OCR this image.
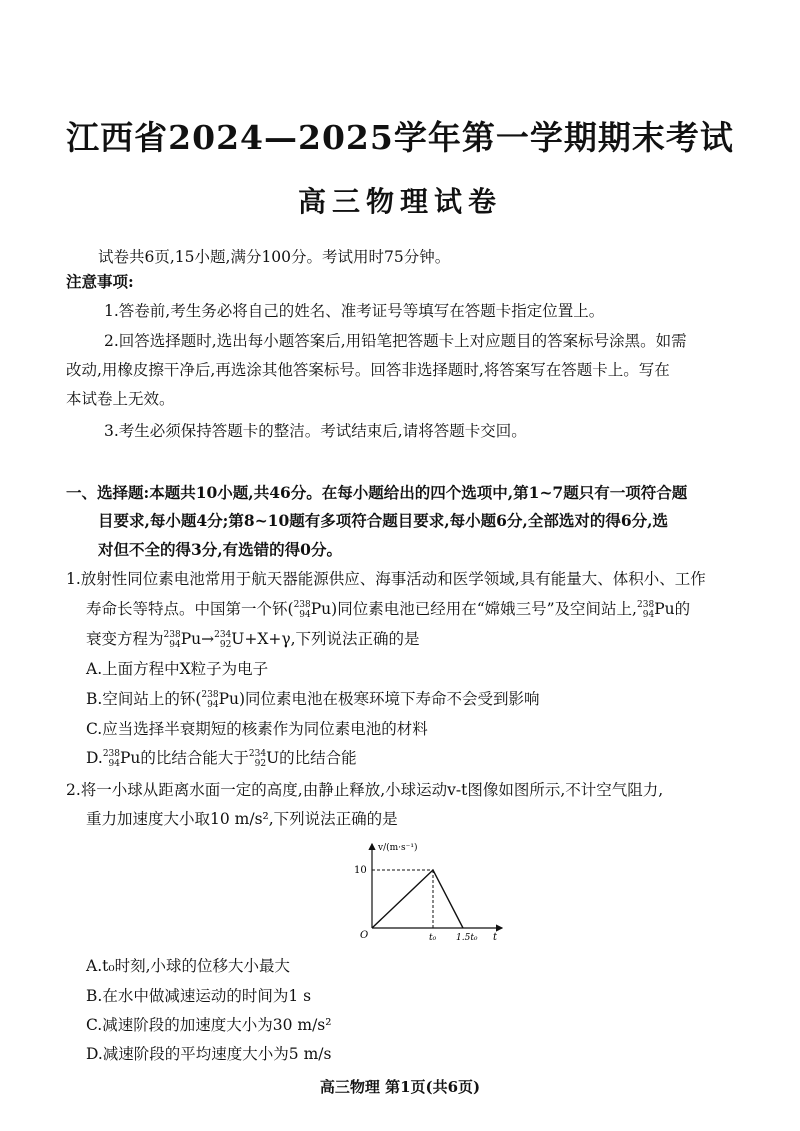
江西省2024—2025学年第一学期期末考试
高三物理试卷
试卷共6页,15小题,满分100分。考试用时75分钟。
注意事项:
1.答卷前,考生务必将自己的姓名、准考证号等填写在答题卡指定位置上。
2.回答选择题时,选出每小题答案后,用铅笔把答题卡上对应题目的答案标号涂黑。如需
改动,用橡皮擦干净后,再选涂其他答案标号。回答非选择题时,将答案写在答题卡上。写在
本试卷上无效。
3.考生必须保持答题卡的整洁。考试结束后,请将答题卡交回。
一、选择题:本题共10小题,共46分。在每小题给出的四个选项中,第1~7题只有一项符合题
目要求,每小题4分;第8~10题有多项符合题目要求,每小题6分,全部选对的得6分,选
对但不全的得3分,有选错的得0分。
1.放射性同位素电池常用于航天器能源供应、海事活动和医学领域,具有能量大、体积小、工作
寿命长等特点。中国第一个钚( 238
94 Pu)同位素电池已经用在“嫦娥三号”及空间站上, 238
94 Pu的
衰变方程为 238
94 Pu→ 234
92 U+X+γ,下列说法正确的是
A.上面方程中X粒子为电子
B.空间站上的钚( 238
94 Pu)同位素电池在极寒环境下寿命不会受到影响
C.应当选择半衰期短的核素作为同位素电池的材料
D. 238
94 Pu的比结合能大于 234
92 U的比结合能
2.将一小球从距离水面一定的高度,由静止释放,小球运动v-t图像如图所示,不计空气阻力,
重力加速度大小取10 m/s²,下列说法正确的是
v/(m·s⁻¹)
10
O	t₀ 1.5t₀ t
A.t₀时刻,小球的位移大小最大
B.在水中做减速运动的时间为1 s
C.减速阶段的加速度大小为30 m/s²
D.减速阶段的平均速度大小为5 m/s
高三物理 第1页(共6页)
